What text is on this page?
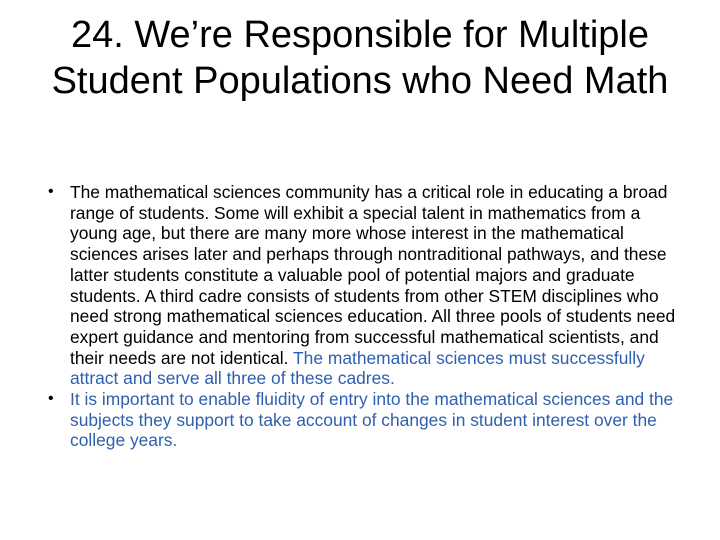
24. We’re Responsible for Multiple Student Populations who Need Math
• The mathematical sciences community has a critical role in educating a broad range of students. Some will exhibit a special talent in mathematics from a young age, but there are many more whose interest in the mathematical sciences arises later and perhaps through nontraditional pathways, and these latter students constitute a valuable pool of potential majors and graduate students. A third cadre consists of students from other STEM disciplines who need strong mathematical sciences education. All three pools of students need expert guidance and mentoring from successful mathematical scientists, and their needs are not identical. The mathematical sciences must successfully attract and serve all three of these cadres.
• It is important to enable fluidity of entry into the mathematical sciences and the subjects they support to take account of changes in student interest over the college years.
